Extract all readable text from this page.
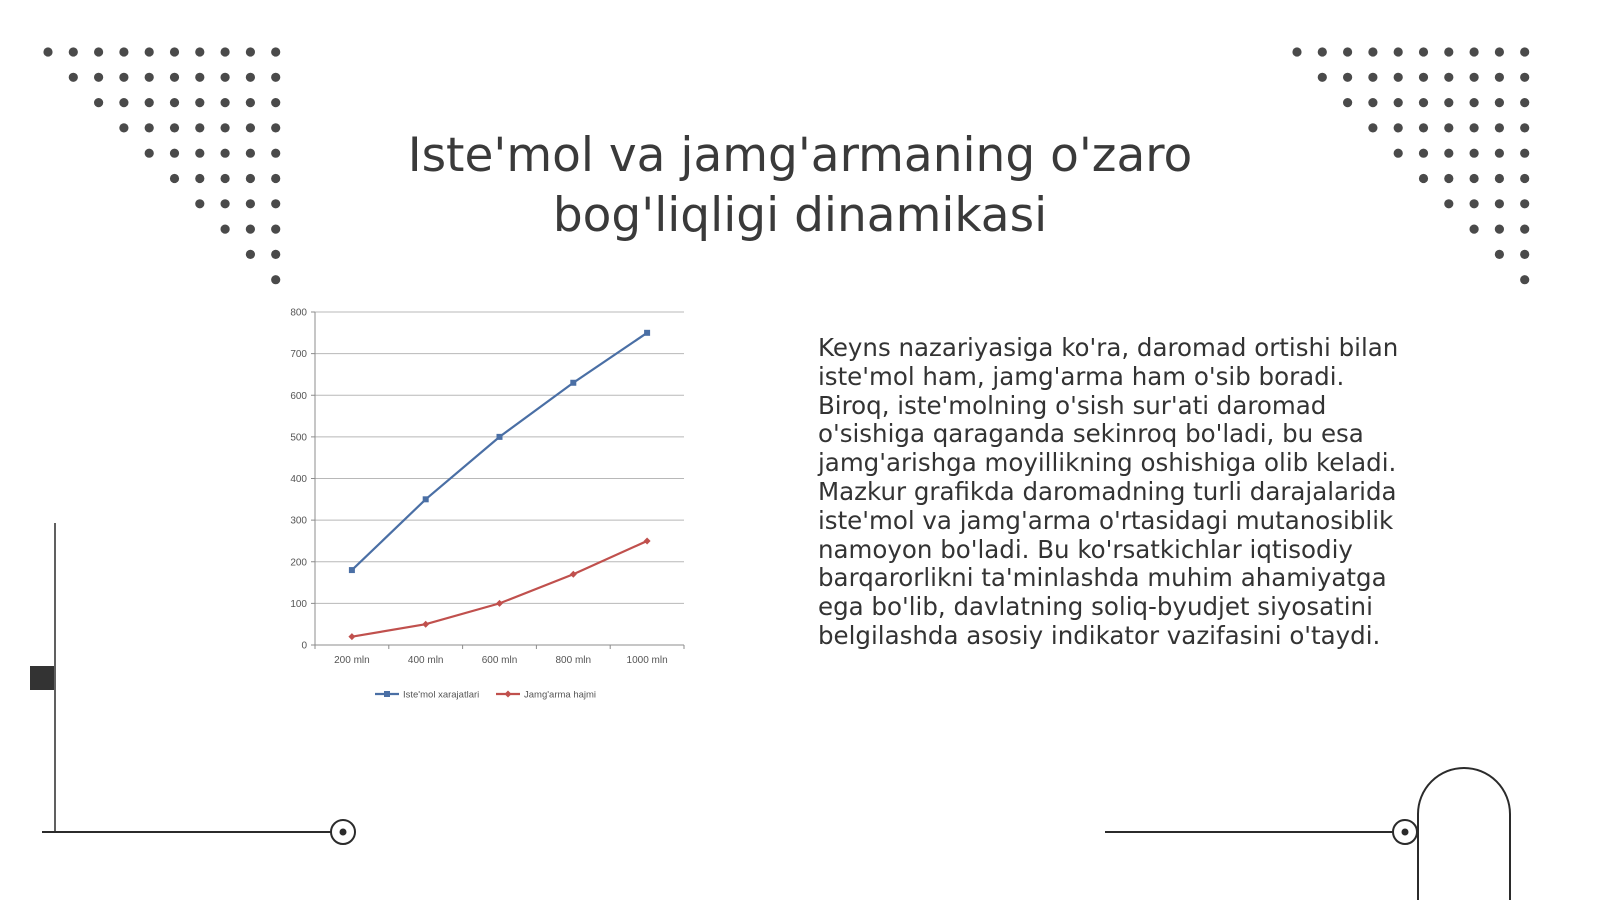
Iste'mol va jamg'armaning o'zaro
bog'liqligi dinamikasi
0
100
200
300
400
500
600
700
800
200 mln	400 mln	600 mln	800 mln	1000 mln
Iste'mol xarajatlari	Jamg'arma hajmi

Keyns nazariyasiga ko'ra, daromad ortishi bilan iste'mol ham, jamg'arma ham o'sib boradi. Biroq, iste'molning o'sish sur'ati daromad o'sishiga qaraganda sekinroq bo'ladi, bu esa jamg'arishga moyillikning oshishiga olib keladi. Mazkur grafikda daromadning turli darajalarida iste'mol va jamg'arma o'rtasidagi mutanosiblik namoyon bo'ladi. Bu ko'rsatkichlar iqtisodiy barqarorlikni ta'minlashda muhim ahamiyatga ega bo'lib, davlatning soliq-byudjet siyosatini belgilashda asosiy indikator vazifasini o'taydi.
